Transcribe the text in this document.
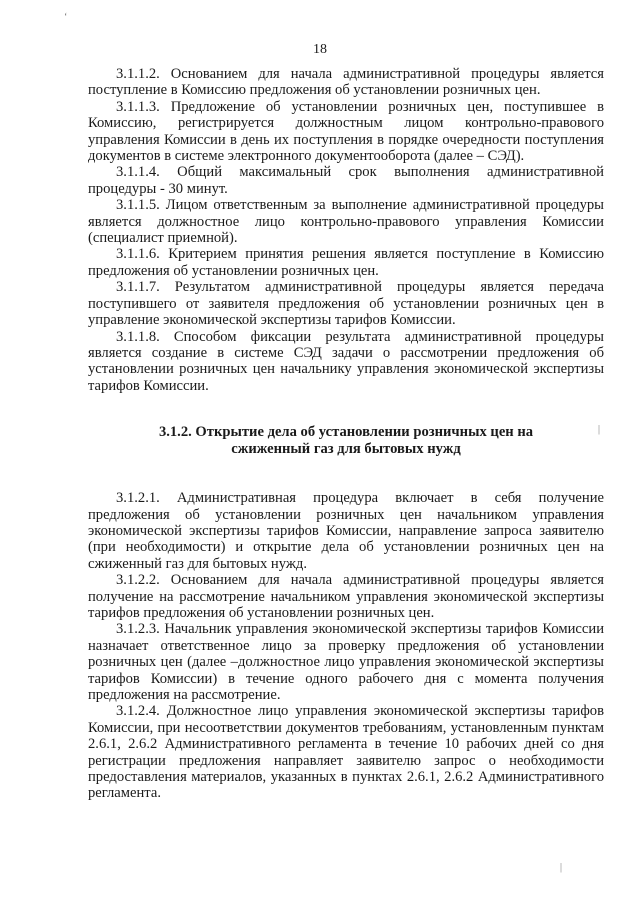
‘
|
|
18

3.1.1.2. Основанием для начала административной процедуры является поступление в Комиссию предложения об установлении розничных цен.

3.1.1.3. Предложение об установлении розничных цен, поступившее в Комиссию, регистрируется должностным лицом контрольно-правового управления Комиссии в день их поступления в порядке очередности поступления документов в системе электронного документооборота (далее – СЭД).

3.1.1.4. Общий максимальный срок выполнения административной процедуры - 30 минут.

3.1.1.5. Лицом ответственным за выполнение административной процедуры является должностное лицо контрольно-правового управления Комиссии (специалист приемной).

3.1.1.6. Критерием принятия решения является поступление в Комиссию предложения об установлении розничных цен.

3.1.1.7. Результатом административной процедуры является передача поступившего от заявителя предложения об установлении розничных цен в управление экономической экспертизы тарифов Комиссии.

3.1.1.8. Способом фиксации результата административной процедуры является создание в системе СЭД задачи о рассмотрении предложения об установлении розничных цен начальнику управления экономической экспертизы тарифов Комиссии.

3.1.2. Открытие дела об установлении розничных цен на
сжиженный газ для бытовых нужд

3.1.2.1. Административная процедура включает в себя получение предложения об установлении розничных цен начальником управления экономической экспертизы тарифов Комиссии, направление запроса заявителю (при необходимости) и открытие дела об установлении розничных цен на сжиженный газ для бытовых нужд.

3.1.2.2. Основанием для начала административной процедуры является получение на рассмотрение начальником управления экономической экспертизы тарифов предложения об установлении розничных цен.

3.1.2.3. Начальник управления экономической экспертизы тарифов Комиссии назначает ответственное лицо за проверку предложения об установлении розничных цен (далее –должностное лицо управления экономической экспертизы тарифов Комиссии) в течение одного рабочего дня с момента получения предложения на рассмотрение.

3.1.2.4. Должностное лицо управления экономической экспертизы тарифов Комиссии, при несоответствии документов требованиям, установленным пунктам 2.6.1, 2.6.2 Административного регламента в течение 10 рабочих дней со дня регистрации предложения направляет заявителю запрос о необходимости предоставления материалов, указанных в пунктах 2.6.1, 2.6.2 Административного регламента.
